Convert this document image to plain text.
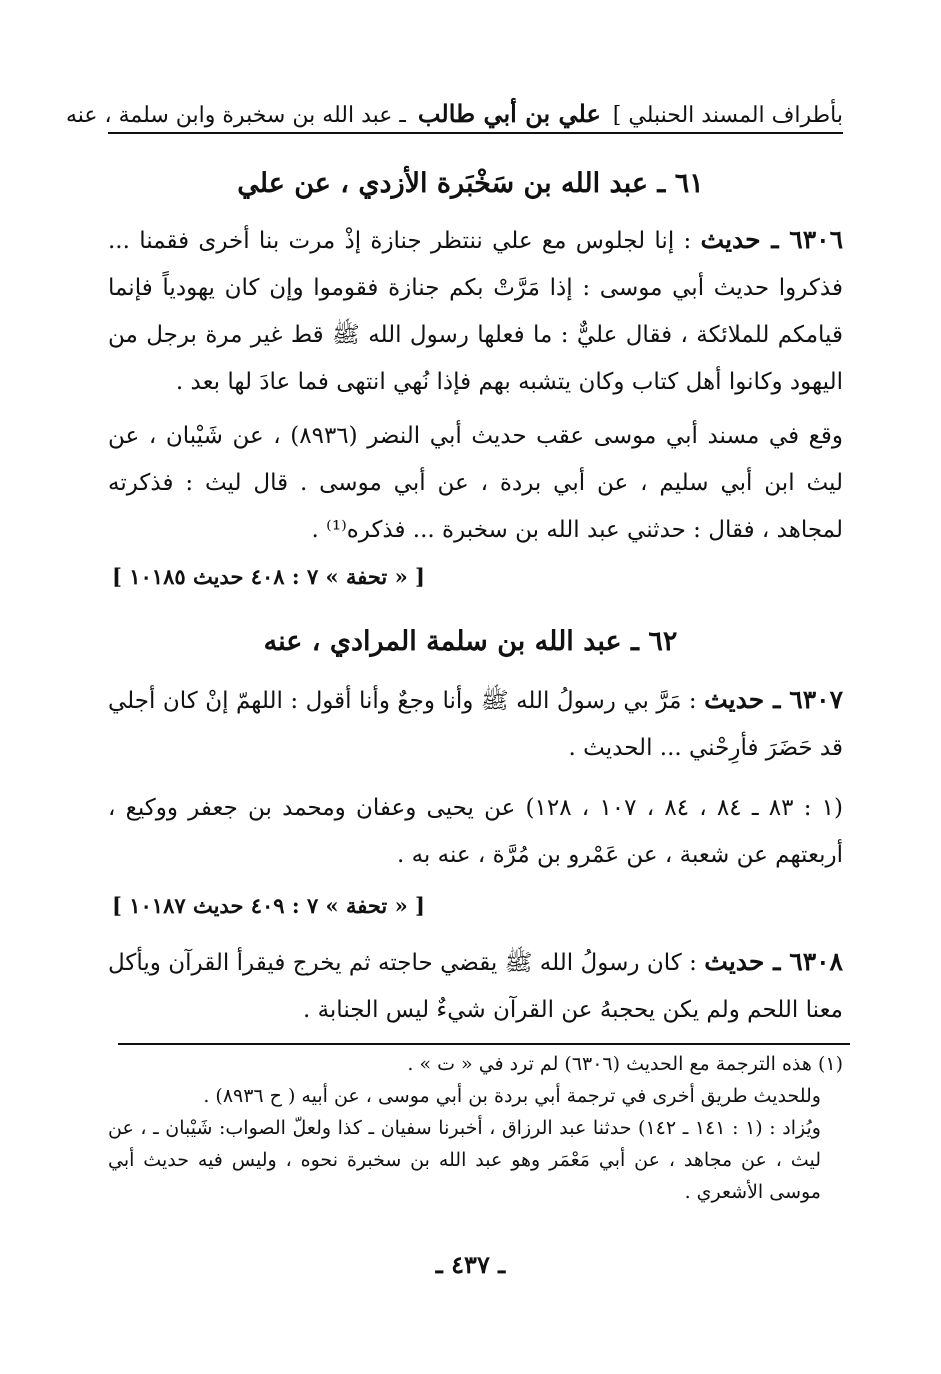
بأطراف المسند الحنبلي ]
علي بن أبي طالب
ـ عبد الله بن سخبرة وابن سلمة ، عنه
٦١ ـ عبد الله بن سَخْبَرة الأزدي ، عن علي
٦٣٠٦ ـ حديث : إنا لجلوس مع علي ننتظر جنازة إذْ مرت بنا أخرى فقمنا ... فذكروا حديث أبي موسى : إذا مَرَّتْ بكم جنازة فقوموا وإن كان يهودياً فإنما قيامكم للملائكة ، فقال عليٌّ : ما فعلها رسول الله ﷺ قط غير مرة برجل من اليهود وكانوا أهل كتاب وكان يتشبه بهم فإذا نُهي انتهى فما عادَ لها بعد .
وقع في مسند أبي موسى عقب حديث أبي النضر (٨٩٣٦) ، عن شَيْبان ، عن ليث ابن أبي سليم ، عن أبي بردة ، عن أبي موسى . قال ليث : فذكرته لمجاهد ، فقال : حدثني عبد الله بن سخبرة ... فذكره⁽¹⁾ .
[ « تحفة » ٧ : ٤٠٨ حديث ١٠١٨٥ ]
٦٢ ـ عبد الله بن سلمة المرادي ، عنه
٦٣٠٧ ـ حديث : مَرَّ بي رسولُ الله ﷺ وأنا وجعٌ وأنا أقول : اللهمّ إنْ كان أجلي قد حَضَرَ فأرِحْني ... الحديث .
(١ : ٨٣ ـ ٨٤ ، ٨٤ ، ١٠٧ ، ١٢٨) عن يحيى وعفان ومحمد بن جعفر ووكيع ، أربعتهم عن شعبة ، عن عَمْرو بن مُرَّة ، عنه به .
[ « تحفة » ٧ : ٤٠٩ حديث ١٠١٨٧ ]
٦٣٠٨ ـ حديث : كان رسولُ الله ﷺ يقضي حاجته ثم يخرج فيقرأ القرآن ويأكل معنا اللحم ولم يكن يحجبهُ عن القرآن شيءٌ ليس الجنابة .
(١) هذه الترجمة مع الحديث (٦٣٠٦) لم ترد في « ت » .
وللحديث طريق أخرى في ترجمة أبي بردة بن أبي موسى ، عن أبيه ( ح ٨٩٣٦) .
ويُزاد : (١ : ١٤١ ـ ١٤٢) حدثنا عبد الرزاق ، أخبرنا سفيان ـ كذا ولعلّ الصواب: شَيْبان ـ ، عن ليث ، عن مجاهد ، عن أبي مَعْمَر وهو عبد الله بن سخبرة نحوه ، وليس فيه حديث أبي موسى الأشعري .
ـ ٤٣٧ ـ
